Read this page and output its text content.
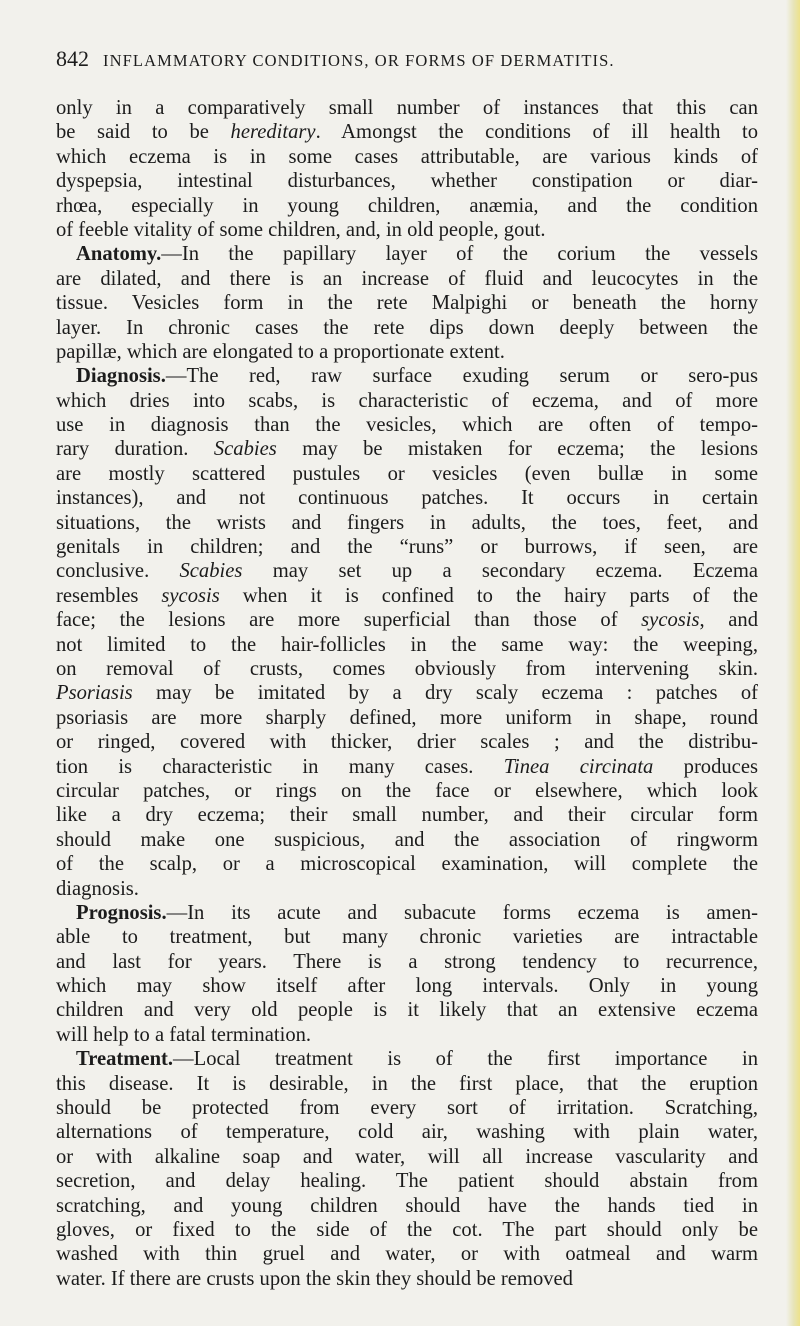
842 INFLAMMATORY CONDITIONS, OR FORMS OF DERMATITIS.
only in a comparatively small number of instances that this can
be said to be hereditary. Amongst the conditions of ill health to
which eczema is in some cases attributable, are various kinds of
dyspepsia, intestinal disturbances, whether constipation or diar-
rhœa, especially in young children, anæmia, and the condition
of feeble vitality of some children, and, in old people, gout.
Anatomy.—In the papillary layer of the corium the vessels
are dilated, and there is an increase of fluid and leucocytes in the
tissue. Vesicles form in the rete Malpighi or beneath the horny
layer. In chronic cases the rete dips down deeply between the
papillæ, which are elongated to a proportionate extent.
Diagnosis.—The red, raw surface exuding serum or sero-pus
which dries into scabs, is characteristic of eczema, and of more
use in diagnosis than the vesicles, which are often of tempo-
rary duration. Scabies may be mistaken for eczema; the lesions
are mostly scattered pustules or vesicles (even bullæ in some
instances), and not continuous patches. It occurs in certain
situations, the wrists and fingers in adults, the toes, feet, and
genitals in children; and the “runs” or burrows, if seen, are
conclusive. Scabies may set up a secondary eczema. Eczema
resembles sycosis when it is confined to the hairy parts of the
face; the lesions are more superficial than those of sycosis, and
not limited to the hair-follicles in the same way: the weeping,
on removal of crusts, comes obviously from intervening skin.
Psoriasis may be imitated by a dry scaly eczema : patches of
psoriasis are more sharply defined, more uniform in shape, round
or ringed, covered with thicker, drier scales ; and the distribu-
tion is characteristic in many cases. Tinea circinata produces
circular patches, or rings on the face or elsewhere, which look
like a dry eczema; their small number, and their circular form
should make one suspicious, and the association of ringworm
of the scalp, or a microscopical examination, will complete the
diagnosis.
Prognosis.—In its acute and subacute forms eczema is amen-
able to treatment, but many chronic varieties are intractable
and last for years. There is a strong tendency to recurrence,
which may show itself after long intervals. Only in young
children and very old people is it likely that an extensive eczema
will help to a fatal termination.
Treatment.—Local treatment is of the first importance in
this disease. It is desirable, in the first place, that the eruption
should be protected from every sort of irritation. Scratching,
alternations of temperature, cold air, washing with plain water,
or with alkaline soap and water, will all increase vascularity and
secretion, and delay healing. The patient should abstain from
scratching, and young children should have the hands tied in
gloves, or fixed to the side of the cot. The part should only be
washed with thin gruel and water, or with oatmeal and warm
water. If there are crusts upon the skin they should be removed
